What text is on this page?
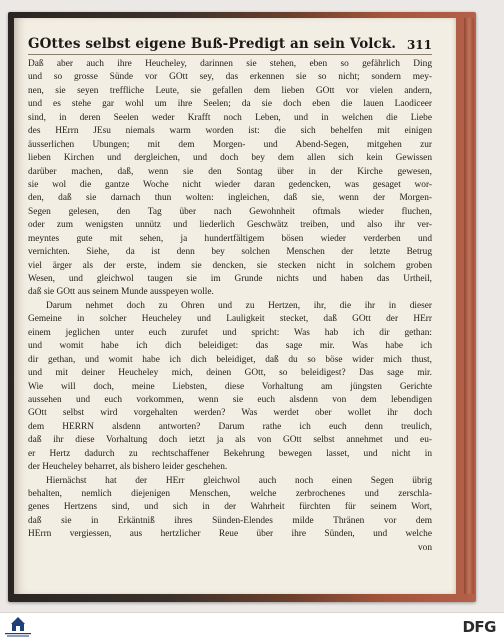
GOttes selbst eigene Buß-Predigt an sein Volck. 311
Daß aber auch ihre Heucheley, darinnen sie stehen, eben so gefährlich Ding
und so grosse Sünde vor GOtt sey, das erkennen sie so nicht; sondern mey-
nen, sie seyen treffliche Leute, sie gefallen dem lieben GOtt vor vielen andern,
und es stehe gar wohl um ihre Seelen; da sie doch eben die lauen Laodiceer
sind, in deren Seelen weder Krafft noch Leben, und in welchen die Liebe
des HErrn JEsu niemals warm worden ist: die sich behelfen mit einigen
äusserlichen Ubungen; mit dem Morgen- und Abend-Segen, mitgehen zur
lieben Kirchen und dergleichen, und doch bey dem allen sich kein Gewissen
darüber machen, daß, wenn sie den Sontag über in der Kirche gewesen,
sie wol die gantze Woche nicht wieder daran gedencken, was gesaget wor-
den, daß sie darnach thun wolten: ingleichen, daß sie, wenn der Morgen-
Segen gelesen, den Tag über nach Gewohnheit oftmals wieder fluchen,
oder zum wenigsten unnütz und liederlich Geschwätz treiben, und also ihr ver-
meyntes gute mit sehen, ja hundertfältigem bösen wieder verderben und
vernichten. Siehe, da ist denn bey solchen Menschen der letzte Betrug
viel ärger als der erste, indem sie dencken, sie stecken nicht in solchem groben
Wesen, und gleichwol taugen sie im Grunde nichts und haben das Urtheil,
daß sie GOtt aus seinem Munde ausspeyen wolle.
Darum nehmet doch zu Ohren und zu Hertzen, ihr, die ihr in dieser
Gemeine in solcher Heucheley und Lauligkeit stecket, daß GOtt der HErr
einem jeglichen unter euch zurufet und spricht: Was hab ich dir gethan:
und womit habe ich dich beleidiget: das sage mir. Was habe ich
dir gethan, und womit habe ich dich beleidiget, daß du so böse wider mich thust,
und mit deiner Heucheley mich, deinen GOtt, so beleidigest? Das sage mir.
Wie will doch, meine Liebsten, diese Vorhaltung am jüngsten Gerichte
aussehen und euch vorkommen, wenn sie euch alsdenn von dem lebendigen
GOtt selbst wird vorgehalten werden? Was werdet ober wollet ihr doch
dem HERRN alsdenn antworten? Darum rathe ich euch denn treulich,
daß ihr diese Vorhaltung doch ietzt ja als von GOtt selbst annehmet und eu-
er Hertz dadurch zu rechtschaffener Bekehrung bewegen lasset, und nicht in
der Heucheley beharret, als bishero leider geschehen.
Hiernächst hat der HErr gleichwol auch noch einen Segen übrig
behalten, nemlich diejenigen Menschen, welche zerbrochenes und zerschla-
genes Hertzens sind, und sich in der Wahrheit fürchten für seinem Wort,
daß sie in Erkäntniß ihres Sünden-Elendes milde Thränen vor dem
HErrn vergiessen, aus hertzlicher Reue über ihre Sünden, und welche
von
DFG
